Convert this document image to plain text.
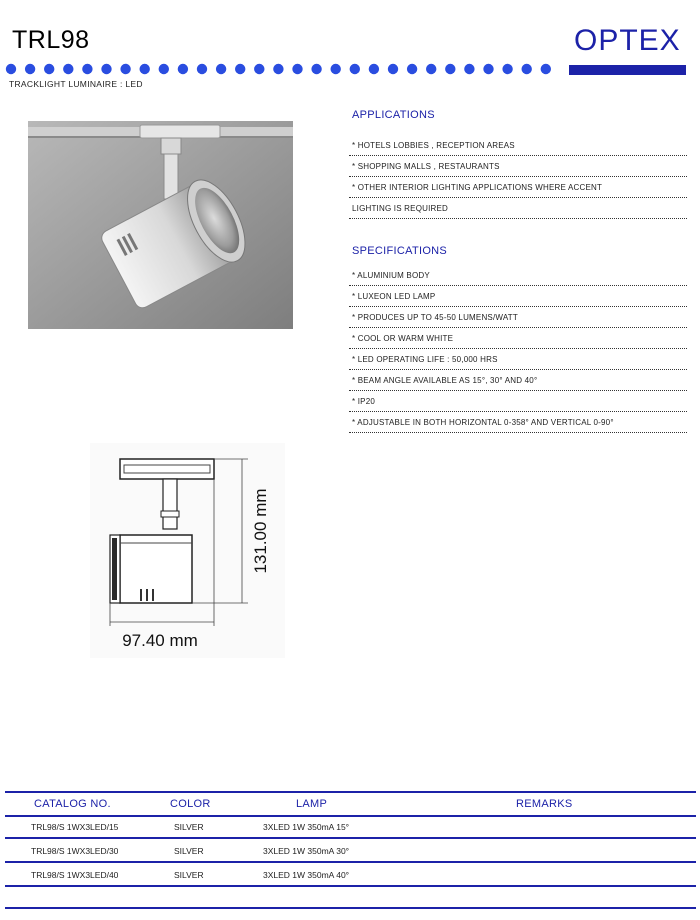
TRL98	OPTEX
TRACKLIGHT LUMINAIRE : LED
131.00 mm
97.40 mm
APPLICATIONS
* HOTELS LOBBIES , RECEPTION AREAS
* SHOPPING MALLS , RESTAURANTS
* OTHER INTERIOR LIGHTING APPLICATIONS WHERE ACCENT
LIGHTING IS REQUIRED
SPECIFICATIONS
* ALUMINIUM BODY
* LUXEON LED LAMP
* PRODUCES UP TO 45-50 LUMENS/WATT
* COOL OR WARM WHITE
* LED OPERATING LIFE : 50,000 HRS
* BEAM ANGLE AVAILABLE AS 15°, 30° AND 40°
* IP20
* ADJUSTABLE IN BOTH HORIZONTAL 0-358° AND VERTICAL 0-90°
CATALOG NO.	COLOR	LAMP	REMARKS
TRL98/S 1WX3LED/15	SILVER	3XLED 1W 350mA 15°
TRL98/S 1WX3LED/30	SILVER	3XLED 1W 350mA 30°
TRL98/S 1WX3LED/40	SILVER	3XLED 1W 350mA 40°
